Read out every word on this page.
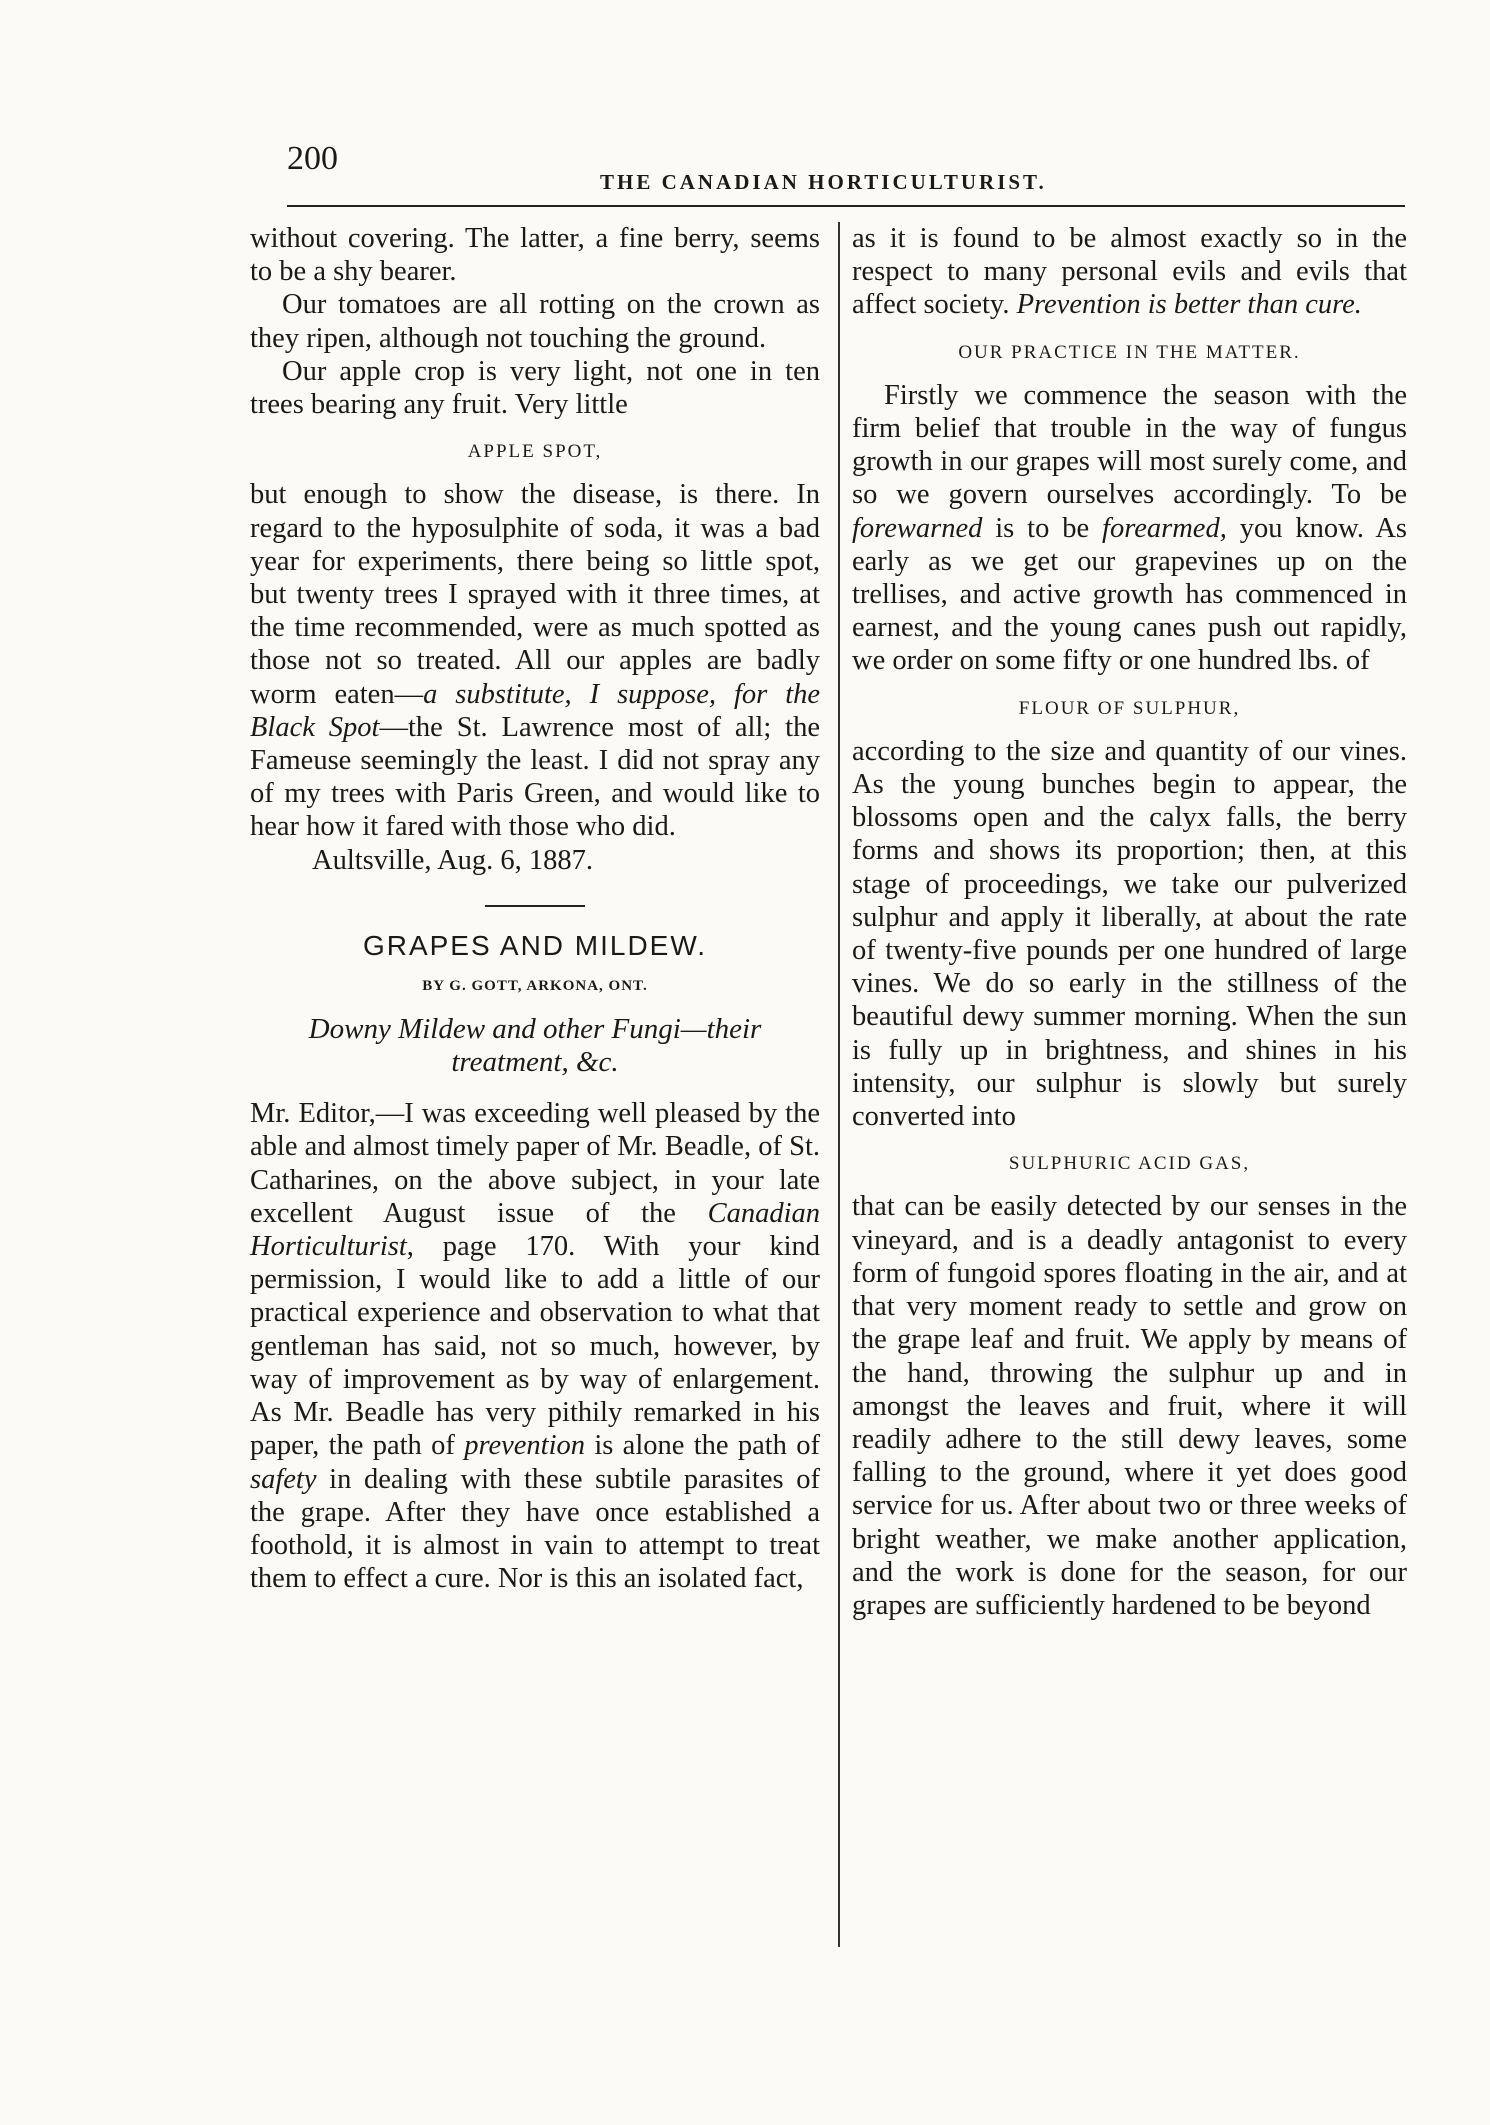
200
THE CANADIAN HORTICULTURIST.

without covering. The latter, a fine berry, seems to be a shy bearer.

Our tomatoes are all rotting on the crown as they ripen, although not touching the ground.

Our apple crop is very light, not one in ten trees bearing any fruit. Very little

APPLE SPOT,

but enough to show the disease, is there. In regard to the hyposulphite of soda, it was a bad year for experiments, there being so little spot, but twenty trees I sprayed with it three times, at the time recommended, were as much spotted as those not so treated. All our apples are badly worm eaten—a substitute, I suppose, for the Black Spot—the St. Lawrence most of all; the Fameuse seemingly the least. I did not spray any of my trees with Paris Green, and would like to hear how it fared with those who did.

Aultsville, Aug. 6, 1887.

GRAPES AND MILDEW.
BY G. GOTT, ARKONA, ONT.
Downy Mildew and other Fungi—their treatment, &c.

Mr. Editor,—I was exceeding well pleased by the able and almost timely paper of Mr. Beadle, of St. Catharines, on the above subject, in your late excellent August issue of the Canadian Horticulturist, page 170. With your kind permission, I would like to add a little of our practical experience and observation to what that gentleman has said, not so much, however, by way of improvement as by way of enlargement. As Mr. Beadle has very pithily remarked in his paper, the path of prevention is alone the path of safety in dealing with these subtile parasites of the grape. After they have once established a foothold, it is almost in vain to attempt to treat them to effect a cure. Nor is this an isolated fact,

as it is found to be almost exactly so in the respect to many personal evils and evils that affect society. Prevention is better than cure.

OUR PRACTICE IN THE MATTER.

Firstly we commence the season with the firm belief that trouble in the way of fungus growth in our grapes will most surely come, and so we govern ourselves accordingly. To be forewarned is to be forearmed, you know. As early as we get our grapevines up on the trellises, and active growth has commenced in earnest, and the young canes push out rapidly, we order on some fifty or one hundred lbs. of

FLOUR OF SULPHUR,

according to the size and quantity of our vines. As the young bunches begin to appear, the blossoms open and the calyx falls, the berry forms and shows its proportion; then, at this stage of proceedings, we take our pulverized sulphur and apply it liberally, at about the rate of twenty-five pounds per one hundred of large vines. We do so early in the stillness of the beautiful dewy summer morning. When the sun is fully up in brightness, and shines in his intensity, our sulphur is slowly but surely converted into

SULPHURIC ACID GAS,

that can be easily detected by our senses in the vineyard, and is a deadly antagonist to every form of fungoid spores floating in the air, and at that very moment ready to settle and grow on the grape leaf and fruit. We apply by means of the hand, throwing the sulphur up and in amongst the leaves and fruit, where it will readily adhere to the still dewy leaves, some falling to the ground, where it yet does good service for us. After about two or three weeks of bright weather, we make another application, and the work is done for the season, for our grapes are sufficiently hardened to be beyond
